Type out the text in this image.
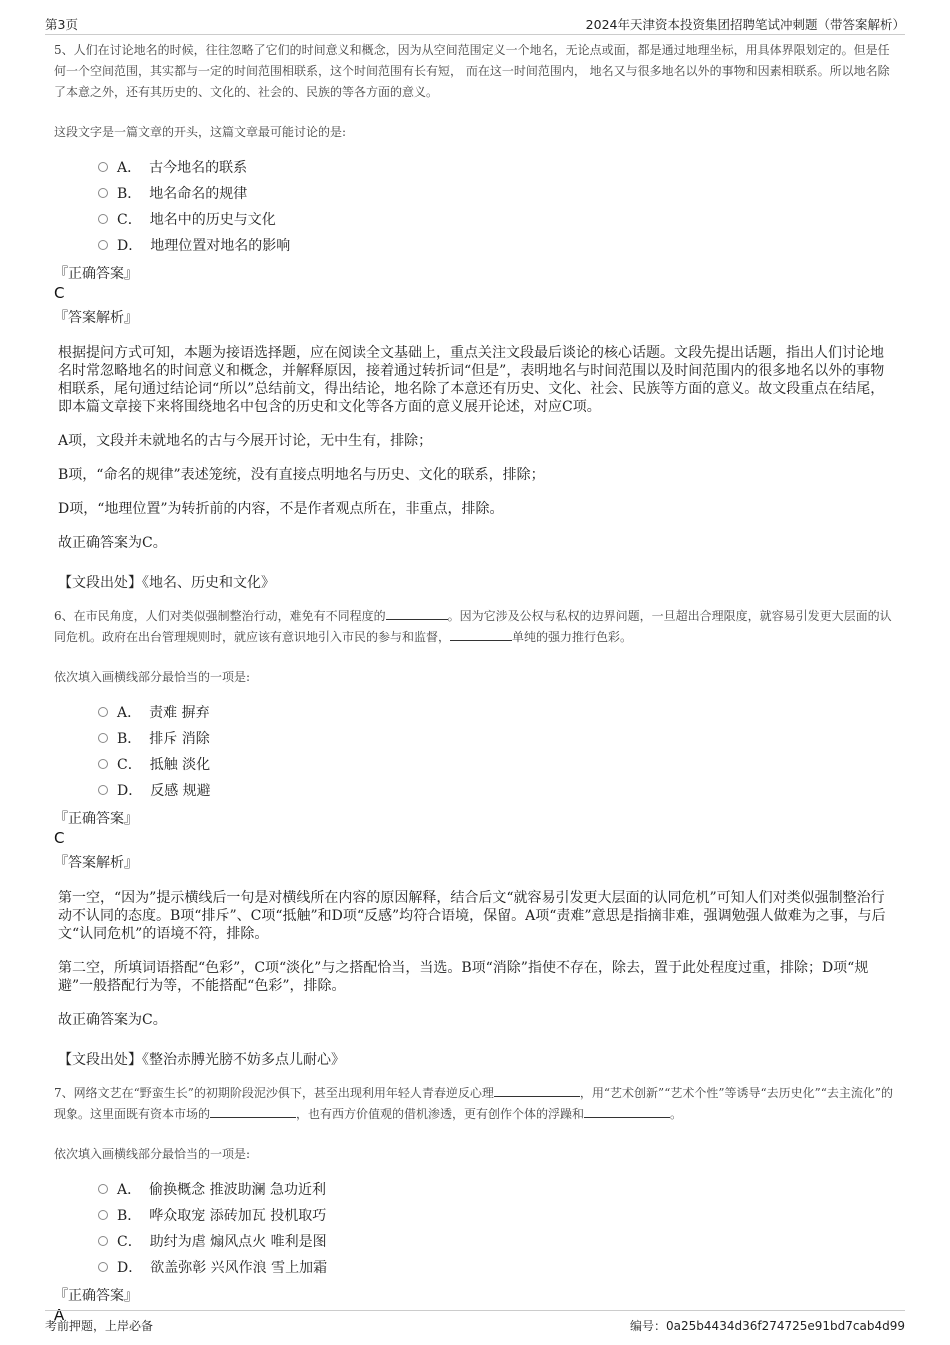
第3页	2024年天津资本投资集团招聘笔试冲刺题（带答案解析）

5、人们在讨论地名的时候，往往忽略了它们的时间意义和概念，因为从空间范围定义一个地名，无论点或面，都是通过地理坐标，用具体界限划定的。但是任何一个空间范围，其实都与一定的时间范围相联系，这个时间范围有长有短， 而在这一时间范围内， 地名又与很多地名以外的事物和因素相联系。所以地名除了本意之外，还有其历史的、文化的、社会的、民族的等各方面的意义。

这段文字是一篇文章的开头，这篇文章最可能讨论的是:
A． 古今地名的联系
B． 地名命名的规律
C． 地名中的历史与文化
D． 地理位置对地名的影响
『正确答案』
C
『答案解析』
根据提问方式可知，本题为接语选择题，应在阅读全文基础上，重点关注文段最后谈论的核心话题。文段先提出话题，指出人们讨论地名时常忽略地名的时间意义和概念，并解释原因，接着通过转折词“但是”，表明地名与时间范围以及时间范围内的很多地名以外的事物相联系，尾句通过结论词“所以”总结前文，得出结论，地名除了本意还有历史、文化、社会、民族等方面的意义。故文段重点在结尾，即本篇文章接下来将围绕地名中包含的历史和文化等各方面的意义展开论述，对应C项。
A项，文段并未就地名的古与今展开讨论，无中生有，排除；
B项，“命名的规律”表述笼统，没有直接点明地名与历史、文化的联系，排除；
D项，“地理位置”为转折前的内容，不是作者观点所在，非重点，排除。
故正确答案为C。
【文段出处】《地名、历史和文化》

6、在市民角度，人们对类似强制整治行动，难免有不同程度的	。因为它涉及公权与私权的边界问题，一旦超出合理限度，就容易引发更大层面的认同危机。政府在出台管理规则时，就应该有意识地引入市民的参与和监督，	单纯的强力推行色彩。

依次填入画横线部分最恰当的一项是:
A． 责难 摒弃
B． 排斥 消除
C． 抵触 淡化
D． 反感 规避
『正确答案』
C
『答案解析』
第一空，“因为”提示横线后一句是对横线所在内容的原因解释，结合后文“就容易引发更大层面的认同危机”可知人们对类似强制整治行动不认同的态度。B项“排斥”、C项“抵触”和D项“反感”均符合语境，保留。A项“责难”意思是指摘非难，强调勉强人做难为之事，与后文“认同危机”的语境不符，排除。
第二空，所填词语搭配“色彩”，C项“淡化”与之搭配恰当，当选。B项“消除”指使不存在，除去，置于此处程度过重，排除；D项“规避”一般搭配行为等，不能搭配“色彩”，排除。
故正确答案为C。
【文段出处】《整治赤膊光膀不妨多点儿耐心》

7、网络文艺在“野蛮生长”的初期阶段泥沙俱下，甚至出现利用年轻人青春逆反心理	，用“艺术创新”“艺术个性”等诱导“去历史化”“去主流化”的现象。这里面既有资本市场的	，也有西方价值观的借机渗透，更有创作个体的浮躁和	。

依次填入画横线部分最恰当的一项是:
A． 偷换概念 推波助澜 急功近利
B． 哗众取宠 添砖加瓦 投机取巧
C． 助纣为虐 煽风点火 唯利是图
D． 欲盖弥彰 兴风作浪 雪上加霜
『正确答案』
A
考前押题，上岸必备	编号：0a25b4434d36f274725e91bd7cab4d99
